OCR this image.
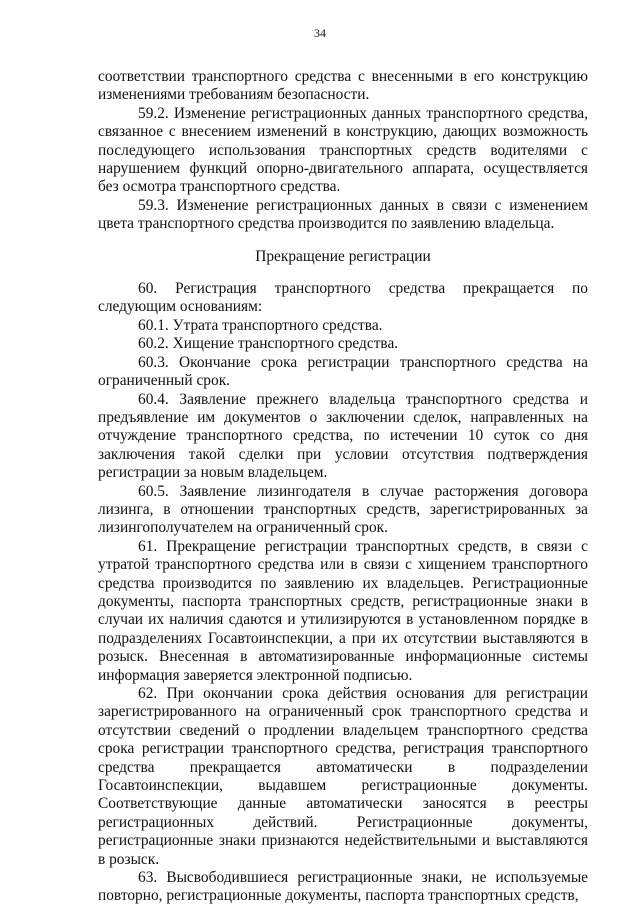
34

соответствии транспортного средства с внесенными в его конструкцию изменениями требованиям безопасности.

59.2. Изменение регистрационных данных транспортного средства, связанное с внесением изменений в конструкцию, дающих возможность последующего использования транспортных средств водителями с нарушением функций опорно-двигательного аппарата, осуществляется без осмотра транспортного средства.

59.3. Изменение регистрационных данных в связи с изменением цвета транспортного средства производится по заявлению владельца.

Прекращение регистрации

60. Регистрация транспортного средства прекращается по следующим основаниям:

60.1. Утрата транспортного средства.

60.2. Хищение транспортного средства.

60.3. Окончание срока регистрации транспортного средства на ограниченный срок.

60.4. Заявление прежнего владельца транспортного средства и предъявление им документов о заключении сделок, направленных на отчуждение транспортного средства, по истечении 10 суток со дня заключения такой сделки при условии отсутствия подтверждения регистрации за новым владельцем.

60.5. Заявление лизингодателя в случае расторжения договора лизинга, в отношении транспортных средств, зарегистрированных за лизингополучателем на ограниченный срок.

61. Прекращение регистрации транспортных средств, в связи с утратой транспортного средства или в связи с хищением транспортного средства производится по заявлению их владельцев. Регистрационные документы, паспорта транспортных средств, регистрационные знаки в случаи их наличия сдаются и утилизируются в установленном порядке в подразделениях Госавтоинспекции, а при их отсутствии выставляются в розыск. Внесенная в автоматизированные информационные системы информация заверяется электронной подписью.

62. При окончании срока действия основания для регистрации зарегистрированного на ограниченный срок транспортного средства и отсутствии сведений о продлении владельцем транспортного средства срока регистрации транспортного средства, регистрация транспортного средства прекращается автоматически в подразделении Госавтоинспекции, выдавшем регистрационные документы. Соответствующие данные автоматически заносятся в реестры регистрационных действий. Регистрационные документы, регистрационные знаки признаются недействительными и выставляются в розыск.

63. Высвободившиеся регистрационные знаки, не используемые повторно, регистрационные документы, паспорта транспортных средств,
